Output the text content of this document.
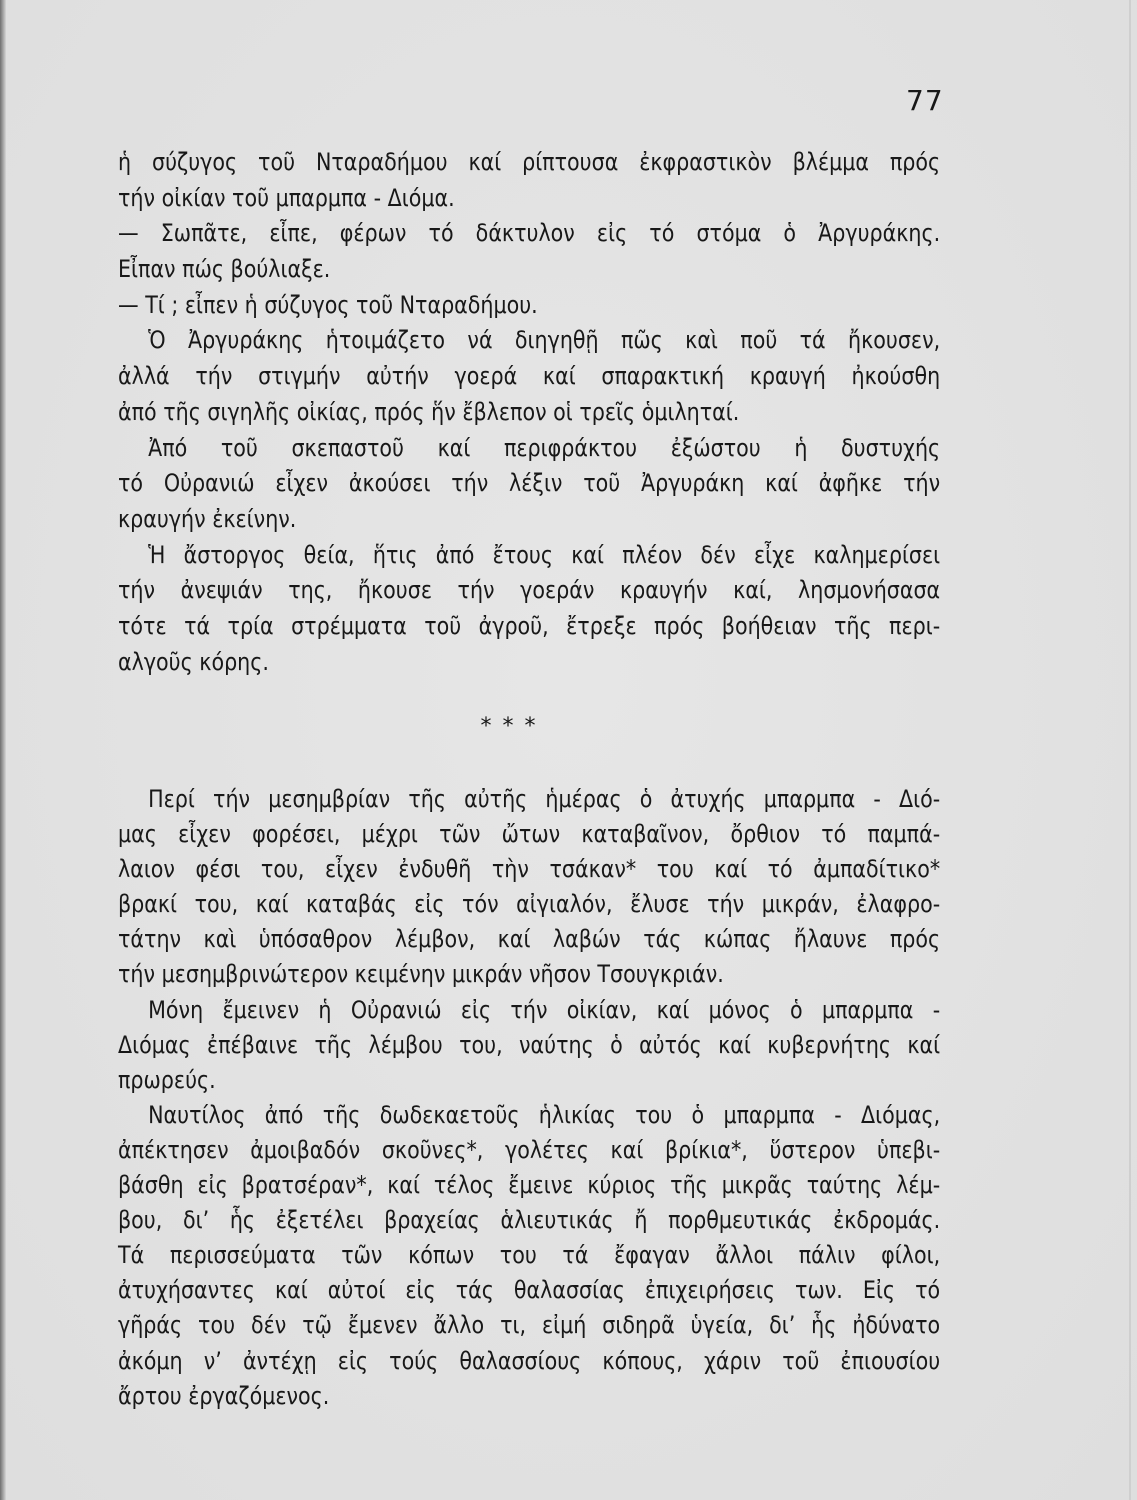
77
ἡ σύζυγος τοῦ Νταραδήμου καί ρίπτουσα ἐκφραστικὸν βλέμμα πρός
τήν οἰκίαν τοῦ μπαρμπα - Διόμα.
— Σωπᾶτε, εἶπε, φέρων τό δάκτυλον εἰς τό στόμα ὁ Ἀργυράκης.
Εἶπαν πώς βούλιαξε.
— Τί ; εἶπεν ἡ σύζυγος τοῦ Νταραδήμου.
Ὁ Ἀργυράκης ἡτοιμάζετο νά διηγηθῇ πῶς καὶ ποῦ τά ἤκουσεν,
ἀλλά τήν στιγμήν αὐτήν γοερά καί σπαρακτική κραυγή ἠκούσθη
ἀπό τῆς σιγηλῆς οἰκίας, πρός ἥν ἔβλεπον οἱ τρεῖς ὁμιληταί.
Ἀπό τοῦ σκεπαστοῦ καί περιφράκτου ἐξώστου ἡ δυστυχής
τό Οὐρανιώ εἶχεν ἀκούσει τήν λέξιν τοῦ Ἀργυράκη καί ἀφῆκε τήν
κραυγήν ἐκείνην.
Ἡ ἄστοργος θεία, ἥτις ἀπό ἔτους καί πλέον δέν εἶχε καλημερίσει
τήν ἀνεψιάν της, ἤκουσε τήν γοεράν κραυγήν καί, λησμονήσασα
τότε τά τρία στρέμματα τοῦ ἀγροῦ, ἔτρεξε πρός βοήθειαν τῆς περι-
αλγοῦς κόρης.
* * *
Περί τήν μεσημβρίαν τῆς αὐτῆς ἡμέρας ὁ ἀτυχής μπαρμπα - Διό-
μας εἶχεν φορέσει, μέχρι τῶν ὤτων καταβαῖνον, ὄρθιον τό παμπά-
λαιον φέσι του, εἶχεν ἐνδυθῆ τὴν τσάκαν* του καί τό ἀμπαδίτικο*
βρακί του, καί καταβάς εἰς τόν αἰγιαλόν, ἔλυσε τήν μικράν, ἐλαφρο-
τάτην καὶ ὑπόσαθρον λέμβον, καί λαβών τάς κώπας ἤλαυνε πρός
τήν μεσημβρινώτερον κειμένην μικράν νῆσον Τσουγκριάν.
Μόνη ἔμεινεν ἡ Οὐρανιώ εἰς τήν οἰκίαν, καί μόνος ὁ μπαρμπα -
Διόμας ἐπέβαινε τῆς λέμβου του, ναύτης ὁ αὐτός καί κυβερνήτης καί
πρωρεύς.
Ναυτίλος ἀπό τῆς δωδεκαετοῦς ἡλικίας του ὁ μπαρμπα - Διόμας,
ἀπέκτησεν ἀμοιβαδόν σκοῦνες*, γολέτες καί βρίκια*, ὕστερον ὑπεβι-
βάσθη εἰς βρατσέραν*, καί τέλος ἔμεινε κύριος τῆς μικρᾶς ταύτης λέμ-
βου, δι’ ἧς ἐξετέλει βραχείας ἁλιευτικάς ἤ πορθμευτικάς ἐκδρομάς.
Τά περισσεύματα τῶν κόπων του τά ἔφαγαν ἄλλοι πάλιν φίλοι,
ἀτυχήσαντες καί αὐτοί εἰς τάς θαλασσίας ἐπιχειρήσεις των. Εἰς τό
γῆράς του δέν τῷ ἔμενεν ἄλλο τι, εἰμή σιδηρᾶ ὑγεία, δι’ ἧς ἠδύνατο
ἀκόμη ν’ ἀντέχῃ εἰς τούς θαλασσίους κόπους, χάριν τοῦ ἐπιουσίου
ἄρτου ἐργαζόμενος.
